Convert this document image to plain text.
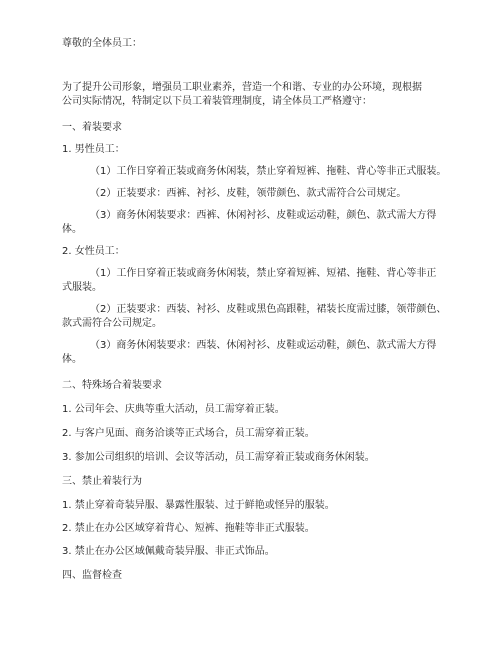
尊敬的全体员工：

为了提升公司形象，增强员工职业素养，营造一个和谐、专业的办公环境，现根据

公司实际情况，特制定以下员工着装管理制度，请全体员工严格遵守：

一、着装要求

1. 男性员工：

（1）工作日穿着正装或商务休闲装，禁止穿着短裤、拖鞋、背心等非正式服装。

（2）正装要求：西裤、衬衫、皮鞋，领带颜色、款式需符合公司规定。

（3）商务休闲装要求：西裤、休闲衬衫、皮鞋或运动鞋，颜色、款式需大方得

体。

2. 女性员工：

（1）工作日穿着正装或商务休闲装，禁止穿着短裤、短裙、拖鞋、背心等非正

式服装。

（2）正装要求：西装、衬衫、皮鞋或黑色高跟鞋，裙装长度需过膝，领带颜色、

款式需符合公司规定。

（3）商务休闲装要求：西装、休闲衬衫、皮鞋或运动鞋，颜色、款式需大方得

体。

二、特殊场合着装要求

1. 公司年会、庆典等重大活动，员工需穿着正装。

2. 与客户见面、商务洽谈等正式场合，员工需穿着正装。

3. 参加公司组织的培训、会议等活动，员工需穿着正装或商务休闲装。

三、禁止着装行为

1. 禁止穿着奇装异服、暴露性服装、过于鲜艳或怪异的服装。

2. 禁止在办公区域穿着背心、短裤、拖鞋等非正式服装。

3. 禁止在办公区域佩戴奇装异服、非正式饰品。

四、监督检查
